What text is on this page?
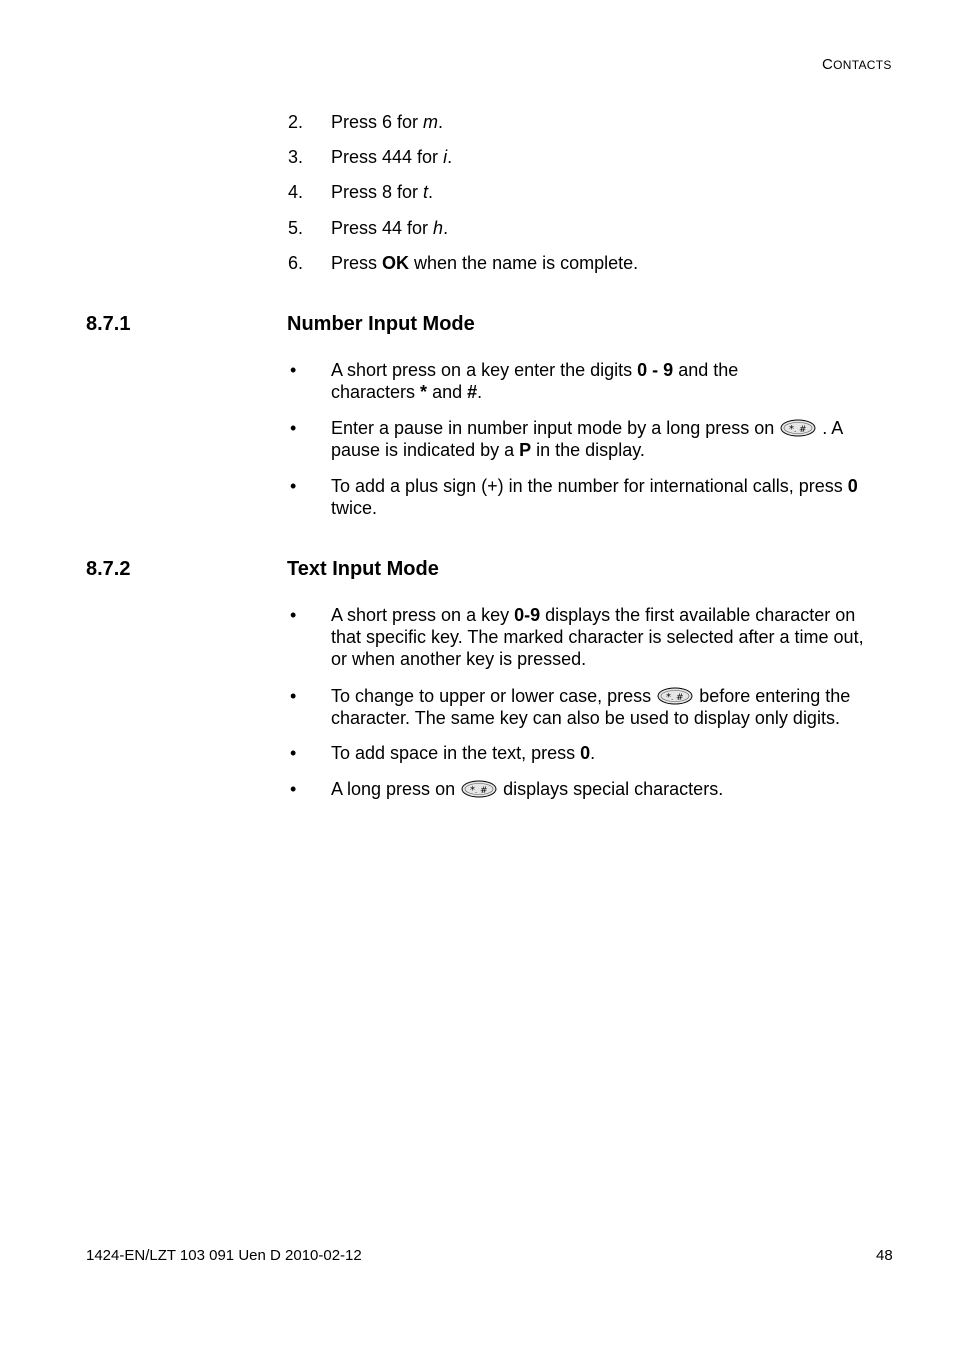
CONTACTS
2. Press 6 for m.
3. Press 444 for i.
4. Press 8 for t.
5. Press 44 for h.
6. Press OK when the name is complete.
8.7.1	Number Input Mode
• A short press on a key enter the digits 0 - 9 and the
characters * and #.
• Enter a pause in number input mode by a long press on	. A
pause is indicated by a P in the display.
• To add a plus sign (+) in the number for international calls, press 0
twice.
8.7.2	Text Input Mode
• A short press on a key 0-9 displays the first available character on
that specific key. The marked character is selected after a time out,
or when another key is pressed.
• To change to upper or lower case, press	before entering the
character. The same key can also be used to display only digits.
• To add space in the text, press 0.
• A long press on	displays special characters.
1424-EN/LZT 103 091 Uen D 2010-02-12	48
